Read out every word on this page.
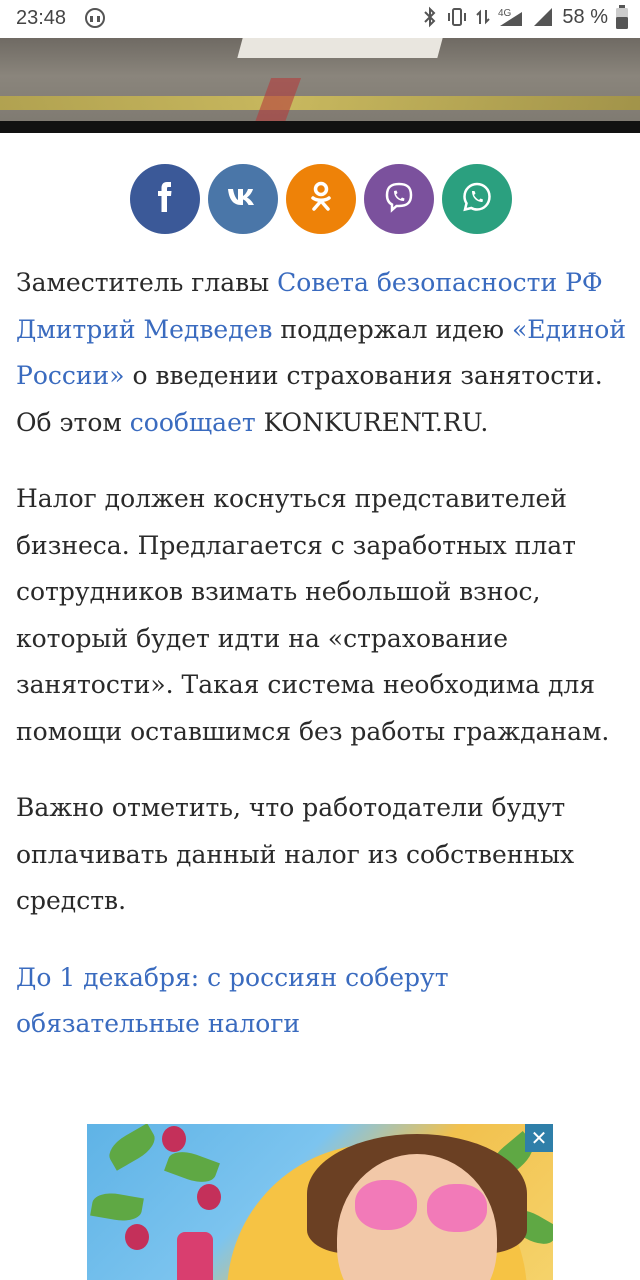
23:48	4G	58 %

Заместитель главы Совета безопасности РФ Дмитрий Медведев поддержал идею «Единой России» о введении страхования занятости. Об этом сообщает KONKURENT.RU.

Налог должен коснуться представителей бизнеса. Предлагается с заработных плат сотрудников взимать небольшой взнос, который будет идти на «страхование занятости». Такая система необходима для помощи оставшимся без работы гражданам.

Важно отметить, что работодатели будут оплачивать данный налог из собственных средств.

До 1 декабря: с россиян соберут обязательные налоги

✕
